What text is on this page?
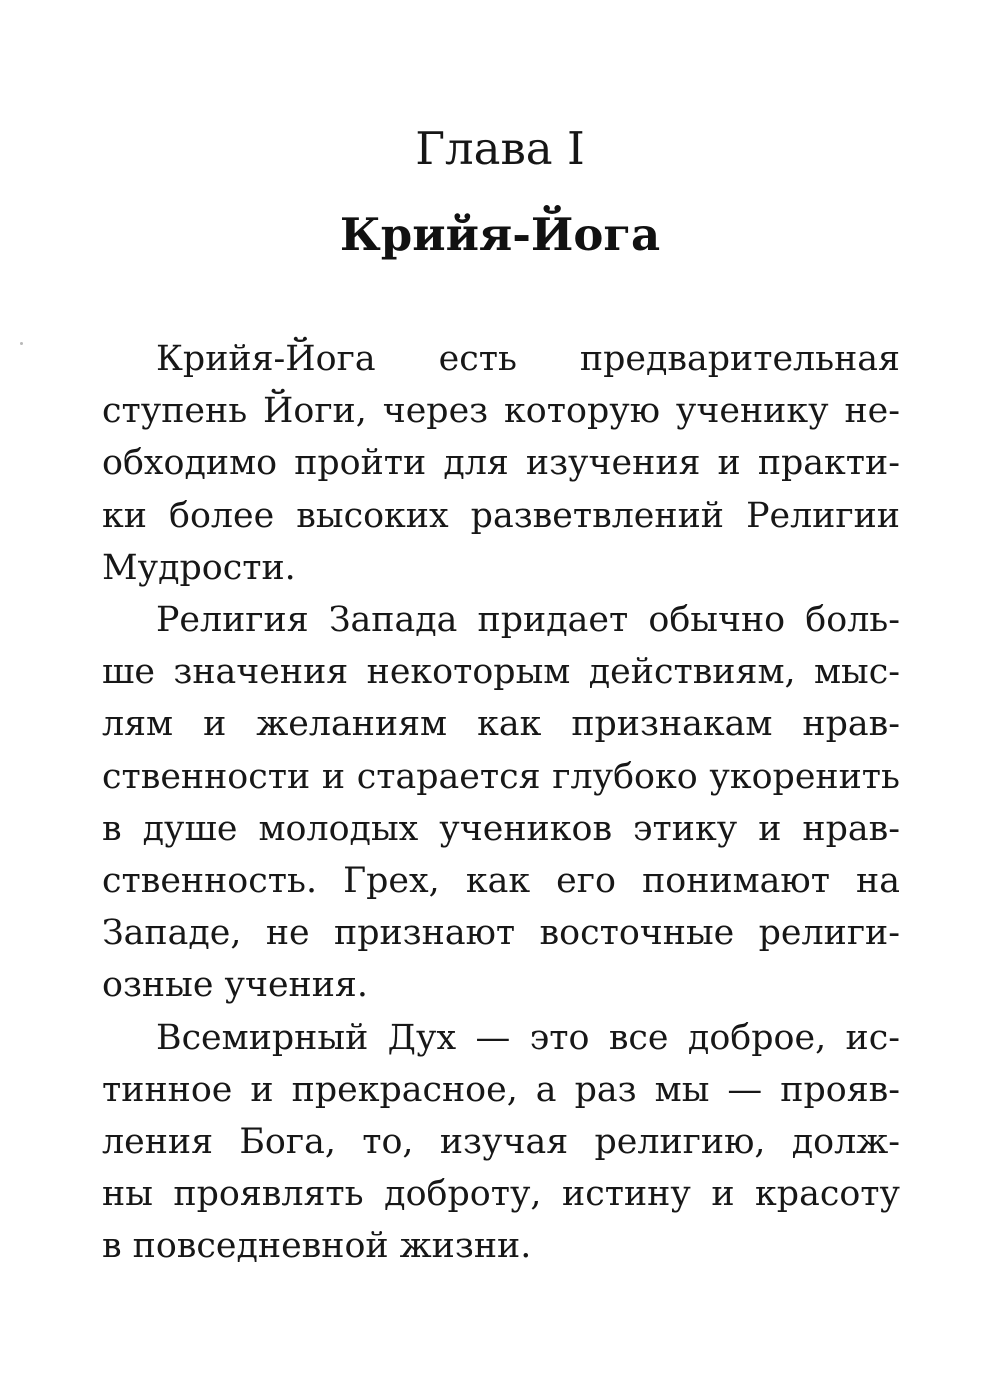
Глава I
Крийя-Йога

Крийя-Йога есть предварительная
ступень Йоги, через которую ученику не-
обходимо пройти для изучения и практи-
ки более высоких разветвлений Религии
Мудрости.

Религия Запада придает обычно боль-
ше значения некоторым действиям, мыс-
лям и желаниям как признакам нрав-
ственности и старается глубоко укоренить
в душе молодых учеников этику и нрав-
ственность. Грех, как его понимают на
Западе, не признают восточные религи-
озные учения.

Всемирный Дух — это все доброе, ис-
тинное и прекрасное, а раз мы — прояв-
ления Бога, то, изучая религию, долж-
ны проявлять доброту, истину и красоту
в повседневной жизни.
